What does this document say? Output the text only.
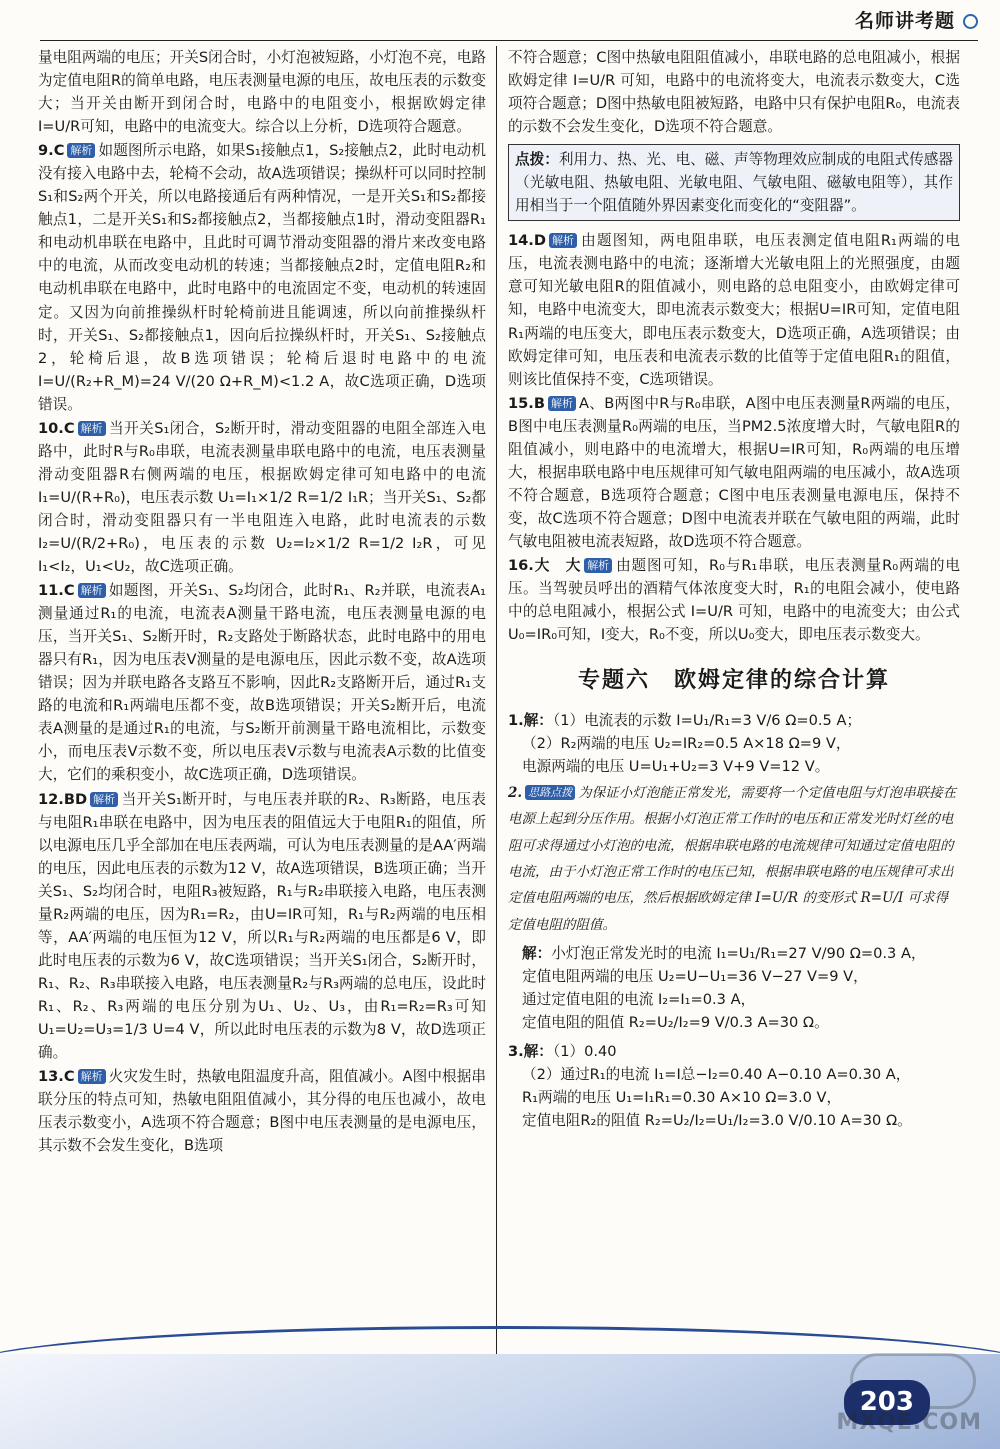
名师讲考题

量电阻两端的电压；开关S闭合时，小灯泡被短路，小灯泡不亮，电路为定值电阻R的简单电路，电压表测量电源的电压，故电压表的示数变大；当开关由断开到闭合时，电路中的电阻变小，根据欧姆定律I=U/R可知，电路中的电流变大。综合以上分析，D选项符合题意。

9.C 解析 如题图所示电路，如果S₁接触点1，S₂接触点2，此时电动机没有接入电路中去，轮椅不会动，故A选项错误；操纵杆可以同时控制S₁和S₂两个开关，所以电路接通后有两种情况，一是开关S₁和S₂都接触点1，二是开关S₁和S₂都接触点2，当都接触点1时，滑动变阻器R₁和电动机串联在电路中，且此时可调节滑动变阻器的滑片来改变电路中的电流，从而改变电动机的转速；当都接触点2时，定值电阻R₂和电动机串联在电路中，此时电路中的电流固定不变，电动机的转速固定。又因为向前推操纵杆时轮椅前进且能调速，所以向前推操纵杆时，开关S₁、S₂都接触点1，因向后拉操纵杆时，开关S₁、S₂接触点2，轮椅后退，故B选项错误；轮椅后退时电路中的电流 I=U/(R₂+R_M)=24 V/(20 Ω+R_M)<1.2 A，故C选项正确，D选项错误。

10.C 解析 当开关S₁闭合，S₂断开时，滑动变阻器的电阻全部连入电路中，此时R与R₀串联，电流表测量串联电路中的电流，电压表测量滑动变阻器R右侧两端的电压，根据欧姆定律可知电路中的电流 I₁=U/(R+R₀)，电压表示数 U₁=I₁×1/2 R=1/2 I₁R；当开关S₁、S₂都闭合时，滑动变阻器只有一半电阻连入电路，此时电流表的示数 I₂=U/(R/2+R₀)，电压表的示数 U₂=I₂×1/2 R=1/2 I₂R，可见I₁<I₂，U₁<U₂，故C选项正确。

11.C 解析 如题图，开关S₁、S₂均闭合，此时R₁、R₂并联，电流表A₁测量通过R₁的电流，电流表A测量干路电流，电压表测量电源的电压，当开关S₁、S₂断开时，R₂支路处于断路状态，此时电路中的用电器只有R₁，因为电压表V测量的是电源电压，因此示数不变，故A选项错误；因为并联电路各支路互不影响，因此R₂支路断开后，通过R₁支路的电流和R₁两端电压都不变，故B选项错误；开关S₂断开后，电流表A测量的是通过R₁的电流，与S₂断开前测量干路电流相比，示数变小，而电压表V示数不变，所以电压表V示数与电流表A示数的比值变大，它们的乘积变小，故C选项正确，D选项错误。

12.BD 解析 当开关S₁断开时，与电压表并联的R₂、R₃断路，电压表与电阻R₁串联在电路中，因为电压表的阻值远大于电阻R₁的阻值，所以电源电压几乎全部加在电压表两端，可认为电压表测量的是AA′两端的电压，因此电压表的示数为12 V，故A选项错误，B选项正确；当开关S₁、S₂均闭合时，电阻R₃被短路，R₁与R₂串联接入电路，电压表测量R₂两端的电压，因为R₁=R₂，由U=IR可知，R₁与R₂两端的电压相等，AA′两端的电压恒为12 V，所以R₁与R₂两端的电压都是6 V，即此时电压表的示数为6 V，故C选项错误；当开关S₁闭合，S₂断开时，R₁、R₂、R₃串联接入电路，电压表测量R₂与R₃两端的总电压，设此时R₁、R₂、R₃两端的电压分别为U₁、U₂、U₃，由R₁=R₂=R₃可知 U₁=U₂=U₃=1/3 U=4 V，所以此时电压表的示数为8 V，故D选项正确。

13.C 解析 火灾发生时，热敏电阻温度升高，阻值减小。A图中根据串联分压的特点可知，热敏电阻阻值减小，其分得的电压也减小，故电压表示数变小，A选项不符合题意；B图中电压表测量的是电源电压，其示数不会发生变化，B选项

不符合题意；C图中热敏电阻阻值减小，串联电路的总电阻减小，根据欧姆定律 I=U/R 可知，电路中的电流将变大，电流表示数变大，C选项符合题意；D图中热敏电阻被短路，电路中只有保护电阻R₀，电流表的示数不会发生变化，D选项不符合题意。

点拨：利用力、热、光、电、磁、声等物理效应制成的电阻式传感器（光敏电阻、热敏电阻、光敏电阻、气敏电阻、磁敏电阻等），其作用相当于一个阻值随外界因素变化而变化的“变阻器”。

14.D 解析 由题图知，两电阻串联，电压表测定值电阻R₁两端的电压，电流表测电路中的电流；逐渐增大光敏电阻上的光照强度，由题意可知光敏电阻R的阻值减小，则电路的总电阻变小，由欧姆定律可知，电路中电流变大，即电流表示数变大；根据U=IR可知，定值电阻R₁两端的电压变大，即电压表示数变大，D选项正确，A选项错误；由欧姆定律可知，电压表和电流表示数的比值等于定值电阻R₁的阻值，则该比值保持不变，C选项错误。

15.B 解析 A、B两图中R与R₀串联，A图中电压表测量R两端的电压，B图中电压表测量R₀两端的电压，当PM2.5浓度增大时，气敏电阻R的阻值减小，则电路中的电流增大，根据U=IR可知，R₀两端的电压增大，根据串联电路中电压规律可知气敏电阻两端的电压减小，故A选项不符合题意，B选项符合题意；C图中电压表测量电源电压，保持不变，故C选项不符合题意；D图中电流表并联在气敏电阻的两端，此时气敏电阻被电流表短路，故D选项不符合题意。

16.大　大 解析 由题图可知，R₀与R₁串联，电压表测量R₀两端的电压。当驾驶员呼出的酒精气体浓度变大时，R₁的电阻会减小，使电路中的总电阻减小，根据公式 I=U/R 可知，电路中的电流变大；由公式U₀=IR₀可知，I变大，R₀不变，所以U₀变大，即电压表示数变大。

专题六　欧姆定律的综合计算

1.解：（1）电流表的示数 I=U₁/R₁=3 V/6 Ω=0.5 A；

（2）R₂两端的电压 U₂=IR₂=0.5 A×18 Ω=9 V，

电源两端的电压 U=U₁+U₂=3 V+9 V=12 V。

2. 思路点拨 为保证小灯泡能正常发光，需要将一个定值电阻与灯泡串联接在电源上起到分压作用。根据小灯泡正常工作时的电压和正常发光时灯丝的电阻可求得通过小灯泡的电流，根据串联电路的电流规律可知通过定值电阻的电流，由于小灯泡正常工作时的电压已知，根据串联电路的电压规律可求出定值电阻两端的电压，然后根据欧姆定律 I=U/R 的变形式 R=U/I 可求得定值电阻的阻值。

解：小灯泡正常发光时的电流 I₁=U₁/R₁=27 V/90 Ω=0.3 A，

定值电阻两端的电压 U₂=U−U₁=36 V−27 V=9 V，

通过定值电阻的电流 I₂=I₁=0.3 A，

定值电阻的阻值 R₂=U₂/I₂=9 V/0.3 A=30 Ω。

3.解：（1）0.40

（2）通过R₁的电流 I₁=I总−I₂=0.40 A−0.10 A=0.30 A，

R₁两端的电压 U₁=I₁R₁=0.30 A×10 Ω=3.0 V，

定值电阻R₂的阻值 R₂=U₂/I₂=U₁/I₂=3.0 V/0.10 A=30 Ω。

203
MXQE.COM
